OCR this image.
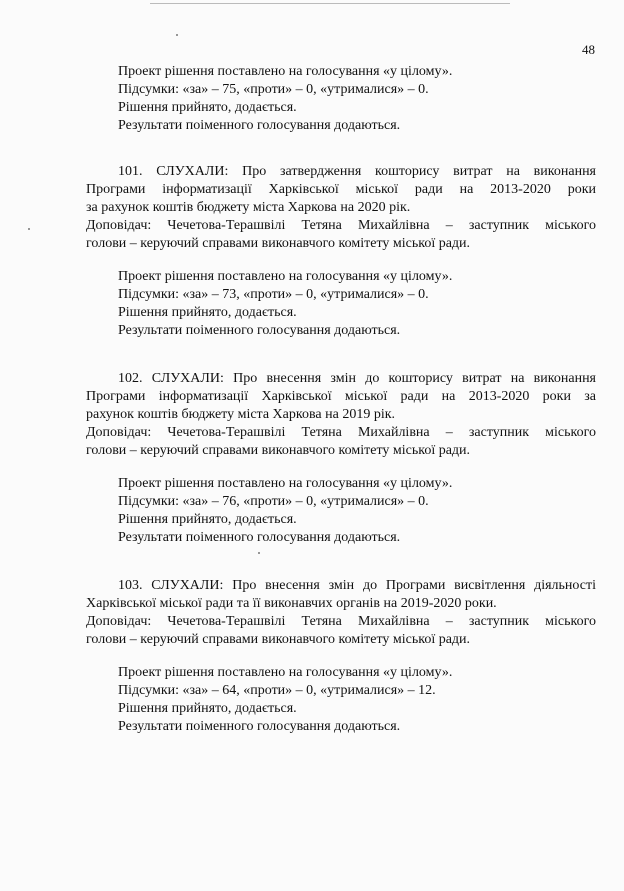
48
Проект рішення поставлено на голосування «у цілому».
Підсумки: «за» – 75, «проти» – 0, «утрималися» – 0.
Рішення прийнято, додається.
Результати поіменного голосування додаються.
101. СЛУХАЛИ: Про затвердження кошторису витрат на виконання
Програми інформатизації Харківської міської ради на 2013-2020 роки
за рахунок коштів бюджету міста Харкова на 2020 рік.
Доповідач: Чечетова-Терашвілі Тетяна Михайлівна – заступник міського
голови – керуючий справами виконавчого комітету міської ради.
Проект рішення поставлено на голосування «у цілому».
Підсумки: «за» – 73, «проти» – 0, «утрималися» – 0.
Рішення прийнято, додається.
Результати поіменного голосування додаються.
102. СЛУХАЛИ: Про внесення змін до кошторису витрат на виконання
Програми інформатизації Харківської міської ради на 2013-2020 роки за
рахунок коштів бюджету міста Харкова на 2019 рік.
Доповідач: Чечетова-Терашвілі Тетяна Михайлівна – заступник міського
голови – керуючий справами виконавчого комітету міської ради.
Проект рішення поставлено на голосування «у цілому».
Підсумки: «за» – 76, «проти» – 0, «утрималися» – 0.
Рішення прийнято, додається.
Результати поіменного голосування додаються.
103. СЛУХАЛИ: Про внесення змін до Програми висвітлення діяльності
Харківської міської ради та її виконавчих органів на 2019-2020 роки.
Доповідач: Чечетова-Терашвілі Тетяна Михайлівна – заступник міського
голови – керуючий справами виконавчого комітету міської ради.
Проект рішення поставлено на голосування «у цілому».
Підсумки: «за» – 64, «проти» – 0, «утрималися» – 12.
Рішення прийнято, додається.
Результати поіменного голосування додаються.
